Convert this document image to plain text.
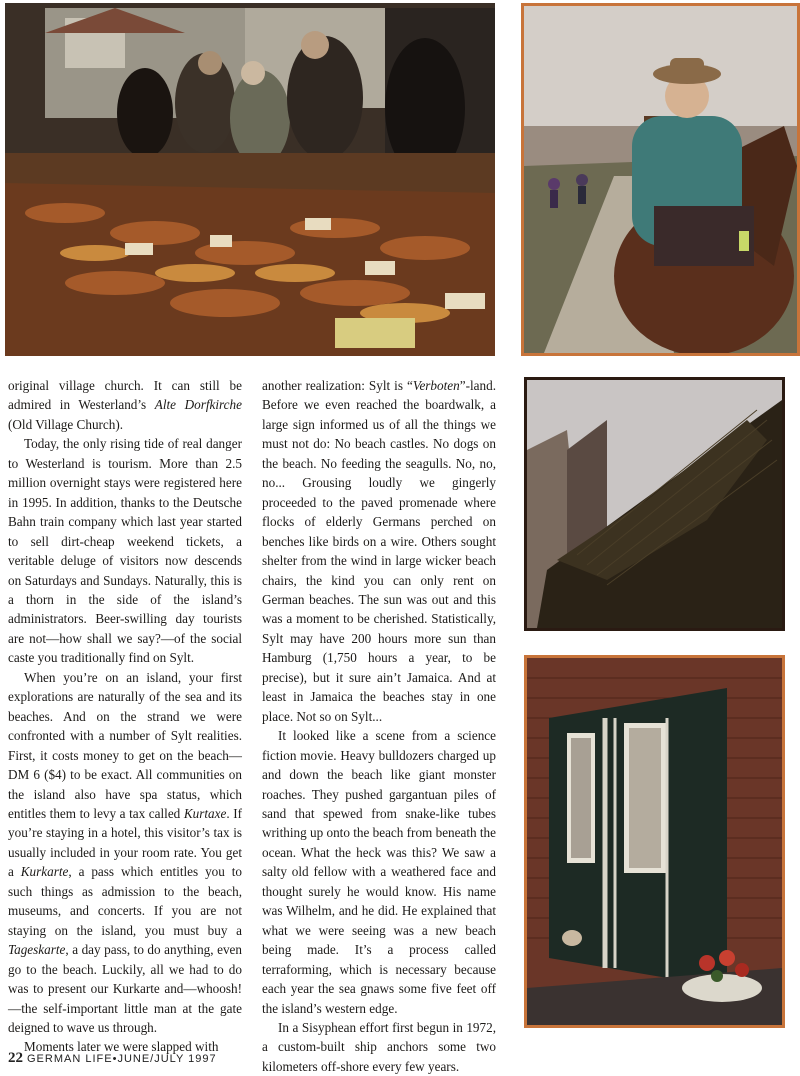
original village church. It can still be admired in Westerland’s Alte Dorfkirche (Old Village Church).

Today, the only rising tide of real danger to Westerland is tourism. More than 2.5 million overnight stays were registered here in 1995. In addition, thanks to the Deutsche Bahn train company which last year started to sell dirt-cheap weekend tickets, a veritable deluge of visitors now descends on Saturdays and Sundays. Naturally, this is a thorn in the side of the island’s administrators. Beer-swilling day tourists are not—how shall we say?—of the social caste you traditionally find on Sylt.

When you’re on an island, your first explorations are naturally of the sea and its beaches. And on the strand we were confronted with a number of Sylt realities. First, it costs money to get on the beach—DM 6 ($4) to be exact. All communities on the island also have spa status, which entitles them to levy a tax called Kurtaxe. If you’re staying in a hotel, this visitor’s tax is usually included in your room rate. You get a Kurkarte, a pass which entitles you to such things as admission to the beach, museums, and concerts. If you are not staying on the island, you must buy a Tageskarte, a day pass, to do anything, even go to the beach. Luckily, all we had to do was to present our Kurkarte and—whoosh!—the self-important little man at the gate deigned to wave us through.

Moments later we were slapped with

another realization: Sylt is “Verboten”-land. Before we even reached the boardwalk, a large sign informed us of all the things we must not do: No beach castles. No dogs on the beach. No feeding the seagulls. No, no, no... Grousing loudly we gingerly proceeded to the paved promenade where flocks of elderly Germans perched on benches like birds on a wire. Others sought shelter from the wind in large wicker beach chairs, the kind you can only rent on German beaches. The sun was out and this was a moment to be cherished. Statistically, Sylt may have 200 hours more sun than Hamburg (1,750 hours a year, to be precise), but it sure ain’t Jamaica. And at least in Jamaica the beaches stay in one place. Not so on Sylt...

It looked like a scene from a science fiction movie. Heavy bulldozers charged up and down the beach like giant monster roaches. They pushed gargantuan piles of sand that spewed from snake-like tubes writhing up onto the beach from beneath the ocean. What the heck was this? We saw a salty old fellow with a weathered face and thought surely he would know. His name was Wilhelm, and he did. He explained that what we were seeing was a new beach being made. It’s a process called terraforming, which is necessary because each year the sea gnaws some five feet off the island’s western edge.

In a Sisyphean effort first begun in 1972, a custom-built ship anchors some two kilometers off-shore every few years.

22 GERMAN LIFE•JUNE/JULY 1997
